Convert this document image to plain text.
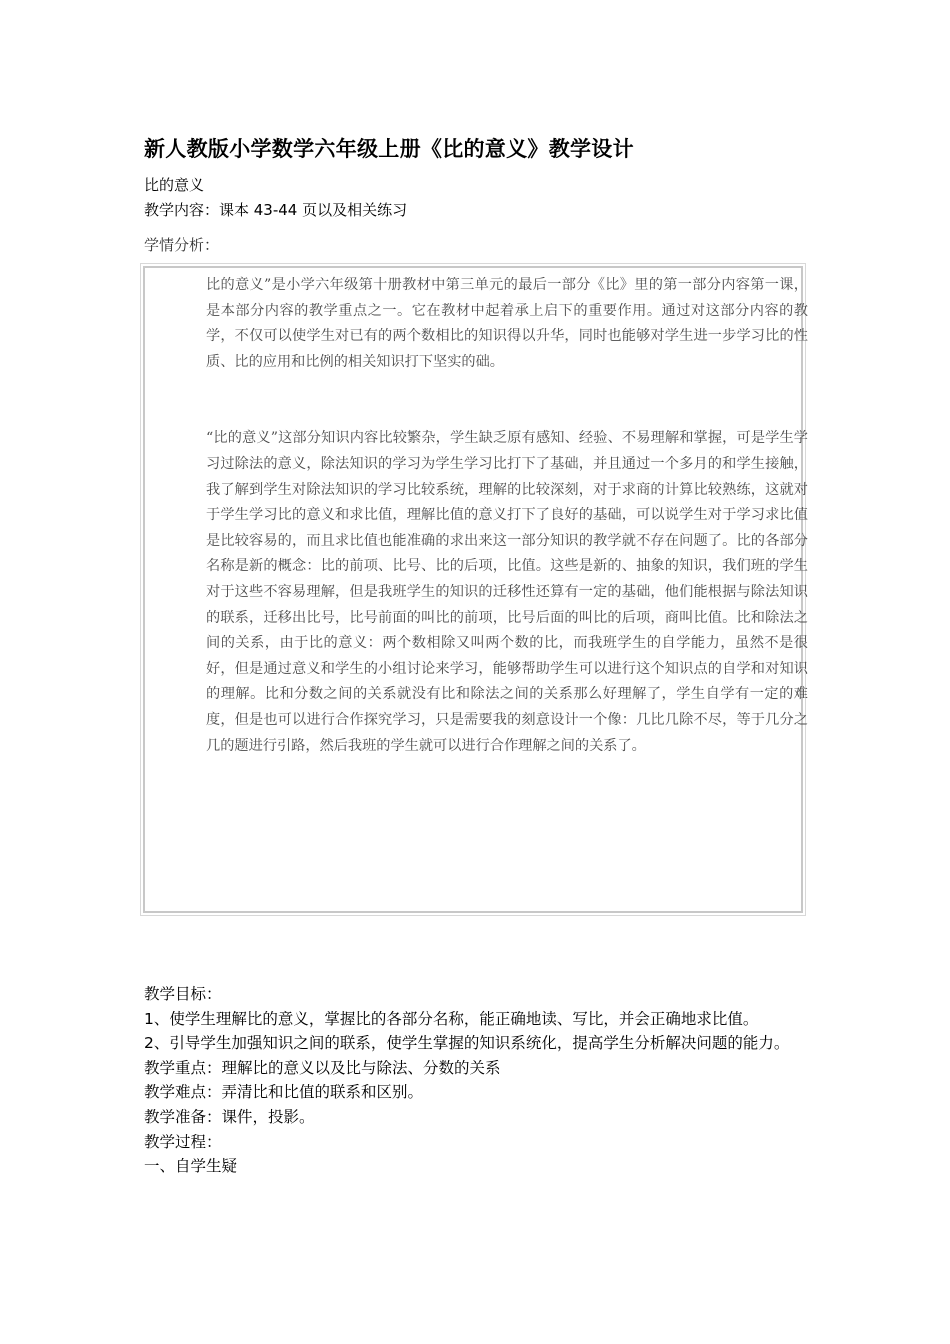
新人教版小学数学六年级上册《比的意义》教学设计
比的意义
教学内容：课本 43-44 页以及相关练习
学情分析：

比的意义”是小学六年级第十册教材中第三单元的最后一部分《比》里的第一部分内容第一课，是本部分内容的教学重点之一。它在教材中起着承上启下的重要作用。通过对这部分内容的教学，不仅可以使学生对已有的两个数相比的知识得以升华，同时也能够对学生进一步学习比的性质、比的应用和比例的相关知识打下坚实的础。

“比的意义”这部分知识内容比较繁杂，学生缺乏原有感知、经验、不易理解和掌握，可是学生学习过除法的意义，除法知识的学习为学生学习比打下了基础，并且通过一个多月的和学生接触，我了解到学生对除法知识的学习比较系统，理解的比较深刻，对于求商的计算比较熟练，这就对于学生学习比的意义和求比值，理解比值的意义打下了良好的基础，可以说学生对于学习求比值是比较容易的，而且求比值也能准确的求出来这一部分知识的教学就不存在问题了。比的各部分名称是新的概念：比的前项、比号、比的后项，比值。这些是新的、抽象的知识，我们班的学生对于这些不容易理解，但是我班学生的知识的迁移性还算有一定的基础，他们能根据与除法知识的联系，迁移出比号，比号前面的叫比的前项，比号后面的叫比的后项，商叫比值。比和除法之间的关系，由于比的意义：两个数相除又叫两个数的比，而我班学生的自学能力，虽然不是很好，但是通过意义和学生的小组讨论来学习，能够帮助学生可以进行这个知识点的自学和对知识的理解。比和分数之间的关系就没有比和除法之间的关系那么好理解了，学生自学有一定的难度，但是也可以进行合作探究学习，只是需要我的刻意设计一个像：几比几除不尽，等于几分之几的题进行引路，然后我班的学生就可以进行合作理解之间的关系了。

教学目标：
1、使学生理解比的意义，掌握比的各部分名称，能正确地读、写比，并会正确地求比值。
2、引导学生加强知识之间的联系，使学生掌握的知识系统化，提高学生分析解决问题的能力。
教学重点：理解比的意义以及比与除法、分数的关系
教学难点：弄清比和比值的联系和区别。
教学准备：课件，投影。
教学过程：
一、自学生疑
